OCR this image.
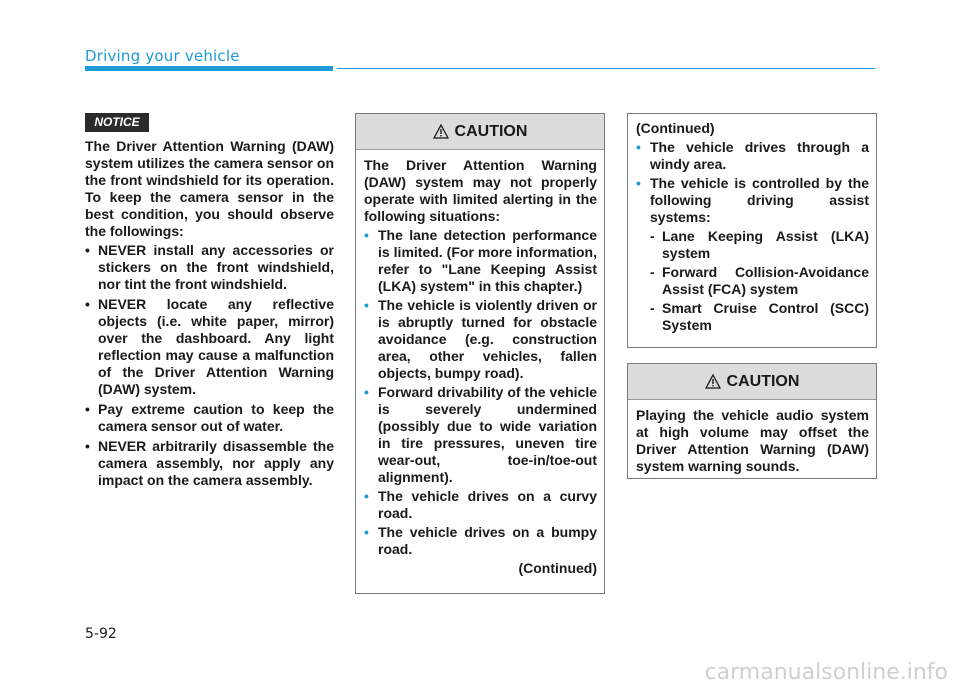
Driving your vehicle
NOTICE

The Driver Attention Warning (DAW) system utilizes the camera sensor on the front windshield for its operation. To keep the camera sensor in the best condition, you should observe the followings:

• NEVER install any accessories or stickers on the front windshield, nor tint the front windshield.
• NEVER locate any reflective objects (i.e. white paper, mirror) over the dashboard. Any light reflection may cause a malfunction of the Driver Attention Warning (DAW) system.
• Pay extreme caution to keep the camera sensor out of water.
• NEVER arbitrarily disassemble the camera assembly, nor apply any impact on the camera assembly.
CAUTION

The Driver Attention Warning (DAW) system may not properly operate with limited alerting in the following situations:

• The lane detection performance is limited. (For more information, refer to "Lane Keeping Assist (LKA) system" in this chapter.)
• The vehicle is violently driven or is abruptly turned for obstacle avoidance (e.g. construction area, other vehicles, fallen objects, bumpy road).
• Forward drivability of the vehicle is severely undermined (possibly due to wide variation in tire pressures, uneven tire wear-out, toe-in/toe-out alignment).
• The vehicle drives on a curvy road.
• The vehicle drives on a bumpy road.
(Continued)

(Continued)

• The vehicle drives through a windy area.
• The vehicle is controlled by the following driving assist systems:
- Lane Keeping Assist (LKA) system
- Forward Collision-Avoidance Assist (FCA) system
- Smart Cruise Control (SCC) System
CAUTION

Playing the vehicle audio system at high volume may offset the Driver Attention Warning (DAW) system warning sounds.

5-92
carmanualsonline.info
